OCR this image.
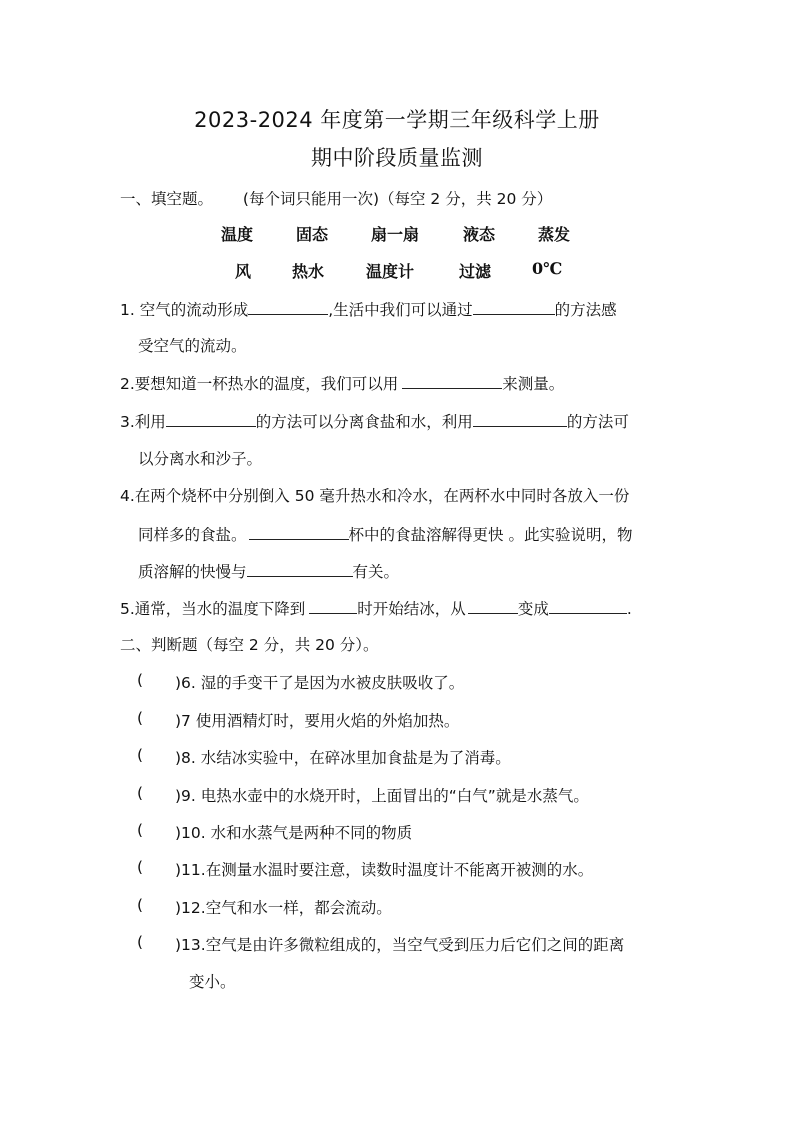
2023-2024 年度第一学期三年级科学上册
期中阶段质量监测
一、填空题。 (每个词只能用一次)（每空 2 分，共 20 分）
温度	固态	扇一扇	液态	蒸发
风	热水	温度计	过滤	0℃
1. 空气的流动形成	,生活中我们可以通过	的方法感
受空气的流动。
2.要想知道一杯热水的温度，我们可以用	来测量。
3.利用	的方法可以分离食盐和水，利用	的方法可
以分离水和沙子。
4.在两个烧杯中分别倒入 50 毫升热水和冷水，在两杯水中同时各放入一份
同样多的食盐。	杯中的食盐溶解得更快 。此实验说明，物
质溶解的快慢与	有关。
5.通常，当水的温度下降到	时开始结冰，从	变成	.
二、判断题（每空 2 分，共 20 分）。
( )6. 湿的手变干了是因为水被皮肤吸收了。
( )7 使用酒精灯时，要用火焰的外焰加热。
( )8. 水结冰实验中，在碎冰里加食盐是为了消毒。
( )9. 电热水壶中的水烧开时，上面冒出的“白气”就是水蒸气。
( )10. 水和水蒸气是两种不同的物质
( )11.在测量水温时要注意，读数时温度计不能离开被测的水。
( )12.空气和水一样，都会流动。
( )13.空气是由许多微粒组成的，当空气受到压力后它们之间的距离
变小。
